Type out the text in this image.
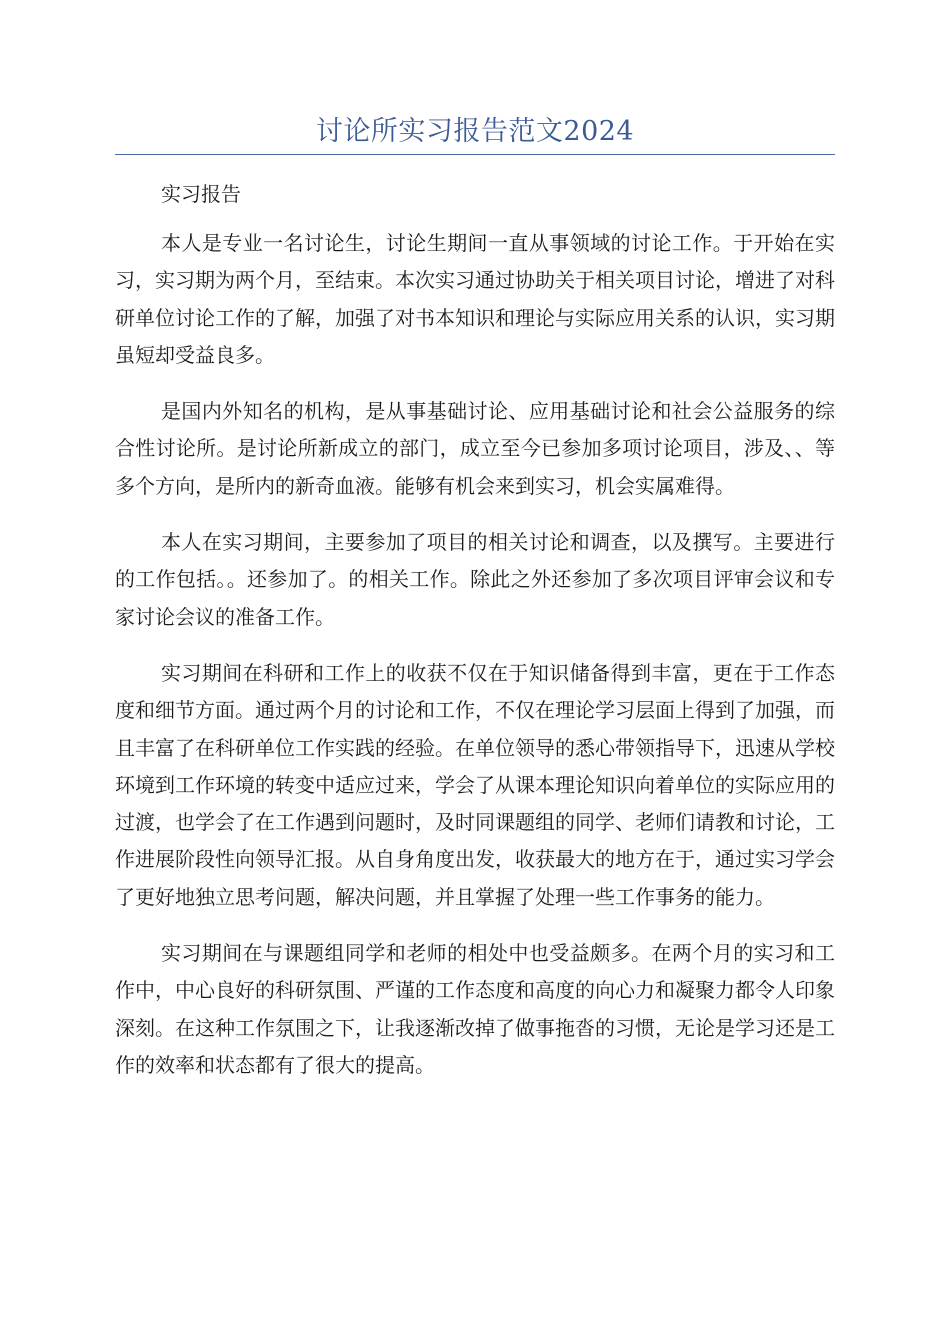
讨论所实习报告范文2024

实习报告

本人是专业一名讨论生，讨论生期间一直从事领域的讨论工作。于开始在实习，实习期为两个月，至结束。本次实习通过协助关于相关项目讨论，增进了对科研单位讨论工作的了解，加强了对书本知识和理论与实际应用关系的认识，实习期虽短却受益良多。

是国内外知名的机构，是从事基础讨论、应用基础讨论和社会公益服务的综合性讨论所。是讨论所新成立的部门，成立至今已参加多项讨论项目，涉及、、等多个方向，是所内的新奇血液。能够有机会来到实习，机会实属难得。

本人在实习期间，主要参加了项目的相关讨论和调查，以及撰写。主要进行的工作包括。。还参加了。的相关工作。除此之外还参加了多次项目评审会议和专家讨论会议的准备工作。

实习期间在科研和工作上的收获不仅在于知识储备得到丰富，更在于工作态度和细节方面。通过两个月的讨论和工作，不仅在理论学习层面上得到了加强，而且丰富了在科研单位工作实践的经验。在单位领导的悉心带领指导下，迅速从学校环境到工作环境的转变中适应过来，学会了从课本理论知识向着单位的实际应用的过渡，也学会了在工作遇到问题时，及时同课题组的同学、老师们请教和讨论，工作进展阶段性向领导汇报。从自身角度出发，收获最大的地方在于，通过实习学会了更好地独立思考问题，解决问题，并且掌握了处理一些工作事务的能力。

实习期间在与课题组同学和老师的相处中也受益颇多。在两个月的实习和工作中，中心良好的科研氛围、严谨的工作态度和高度的向心力和凝聚力都令人印象深刻。在这种工作氛围之下，让我逐渐改掉了做事拖沓的习惯，无论是学习还是工作的效率和状态都有了很大的提高。
